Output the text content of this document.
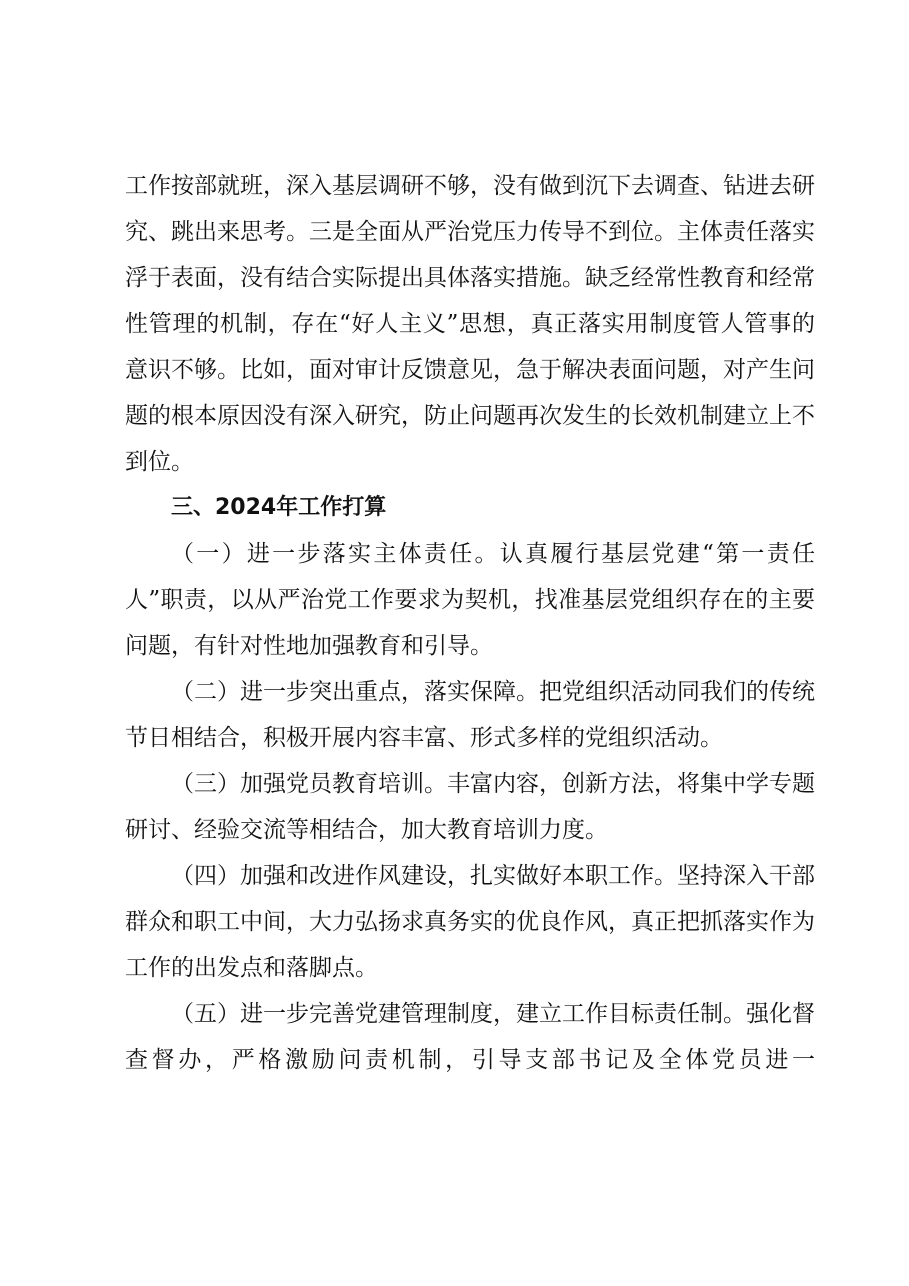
工作按部就班，深入基层调研不够，没有做到沉下去调查、钻进去研究、跳出来思考。三是全面从严治党压力传导不到位。主体责任落实浮于表面，没有结合实际提出具体落实措施。缺乏经常性教育和经常性管理的机制，存在“好人主义”思想，真正落实用制度管人管事的意识不够。比如，面对审计反馈意见，急于解决表面问题，对产生问题的根本原因没有深入研究，防止问题再次发生的长效机制建立上不到位。

三、2024年工作打算

（一）进一步落实主体责任。认真履行基层党建“第一责任人”职责，以从严治党工作要求为契机，找准基层党组织存在的主要问题，有针对性地加强教育和引导。

（二）进一步突出重点，落实保障。把党组织活动同我们的传统节日相结合，积极开展内容丰富、形式多样的党组织活动。

（三）加强党员教育培训。丰富内容，创新方法，将集中学专题研讨、经验交流等相结合，加大教育培训力度。

（四）加强和改进作风建设，扎实做好本职工作。坚持深入干部群众和职工中间，大力弘扬求真务实的优良作风，真正把抓落实作为工作的出发点和落脚点。

（五）进一步完善党建管理制度，建立工作目标责任制。强化督查督办，严格激励问责机制，引导支部书记及全体党员进一
